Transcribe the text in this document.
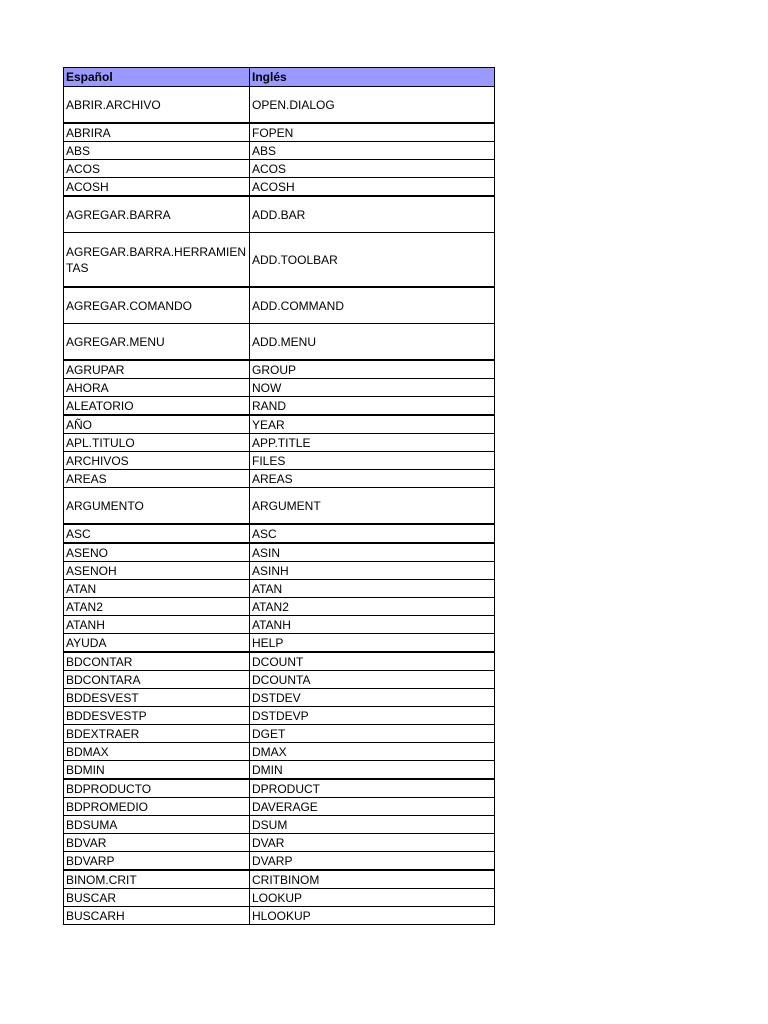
Español	Inglés
ABRIR.ARCHIVO	OPEN.DIALOG
ABRIRA	FOPEN
ABS	ABS
ACOS	ACOS
ACOSH	ACOSH
AGREGAR.BARRA	ADD.BAR
AGREGAR.BARRA.HERRAMIENTAS	ADD.TOOLBAR
AGREGAR.COMANDO	ADD.COMMAND
AGREGAR.MENU	ADD.MENU
AGRUPAR	GROUP
AHORA	NOW
ALEATORIO	RAND
AÑO	YEAR
APL.TITULO	APP.TITLE
ARCHIVOS	FILES
AREAS	AREAS
ARGUMENTO	ARGUMENT
ASC	ASC
ASENO	ASIN
ASENOH	ASINH
ATAN	ATAN
ATAN2	ATAN2
ATANH	ATANH
AYUDA	HELP
BDCONTAR	DCOUNT
BDCONTARA	DCOUNTA
BDDESVEST	DSTDEV
BDDESVESTP	DSTDEVP
BDEXTRAER	DGET
BDMAX	DMAX
BDMIN	DMIN
BDPRODUCTO	DPRODUCT
BDPROMEDIO	DAVERAGE
BDSUMA	DSUM
BDVAR	DVAR
BDVARP	DVARP
BINOM.CRIT	CRITBINOM
BUSCAR	LOOKUP
BUSCARH	HLOOKUP
